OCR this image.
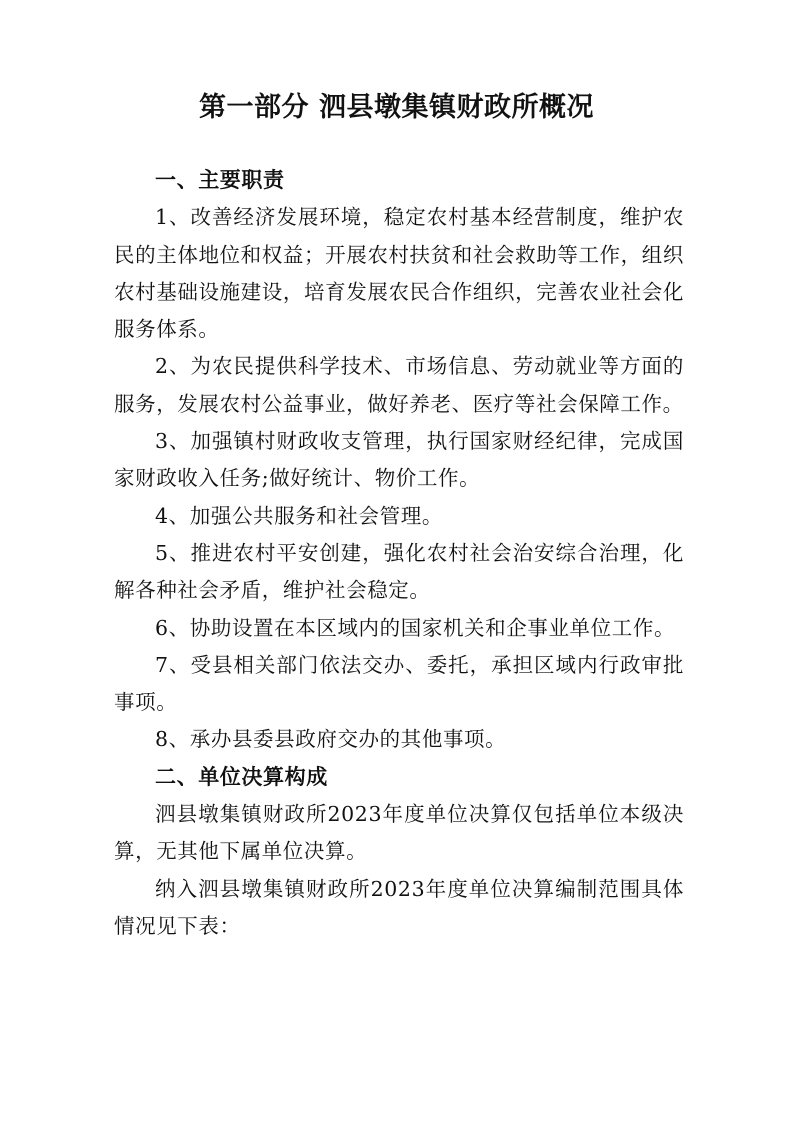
第一部分 泗县墩集镇财政所概况

一、主要职责

1、改善经济发展环境，稳定农村基本经营制度，维护农民的主体地位和权益；开展农村扶贫和社会救助等工作，组织农村基础设施建设，培育发展农民合作组织，完善农业社会化服务体系。

2、为农民提供科学技术、市场信息、劳动就业等方面的服务，发展农村公益事业，做好养老、医疗等社会保障工作。

3、加强镇村财政收支管理，执行国家财经纪律，完成国家财政收入任务;做好统计、物价工作。

4、加强公共服务和社会管理。

5、推进农村平安创建，强化农村社会治安综合治理，化解各种社会矛盾，维护社会稳定。

6、协助设置在本区域内的国家机关和企事业单位工作。

7、受县相关部门依法交办、委托，承担区域内行政审批事项。

8、承办县委县政府交办的其他事项。

二、单位决算构成

泗县墩集镇财政所2023年度单位决算仅包括单位本级决算，无其他下属单位决算。

纳入泗县墩集镇财政所2023年度单位决算编制范围具体情况见下表：
